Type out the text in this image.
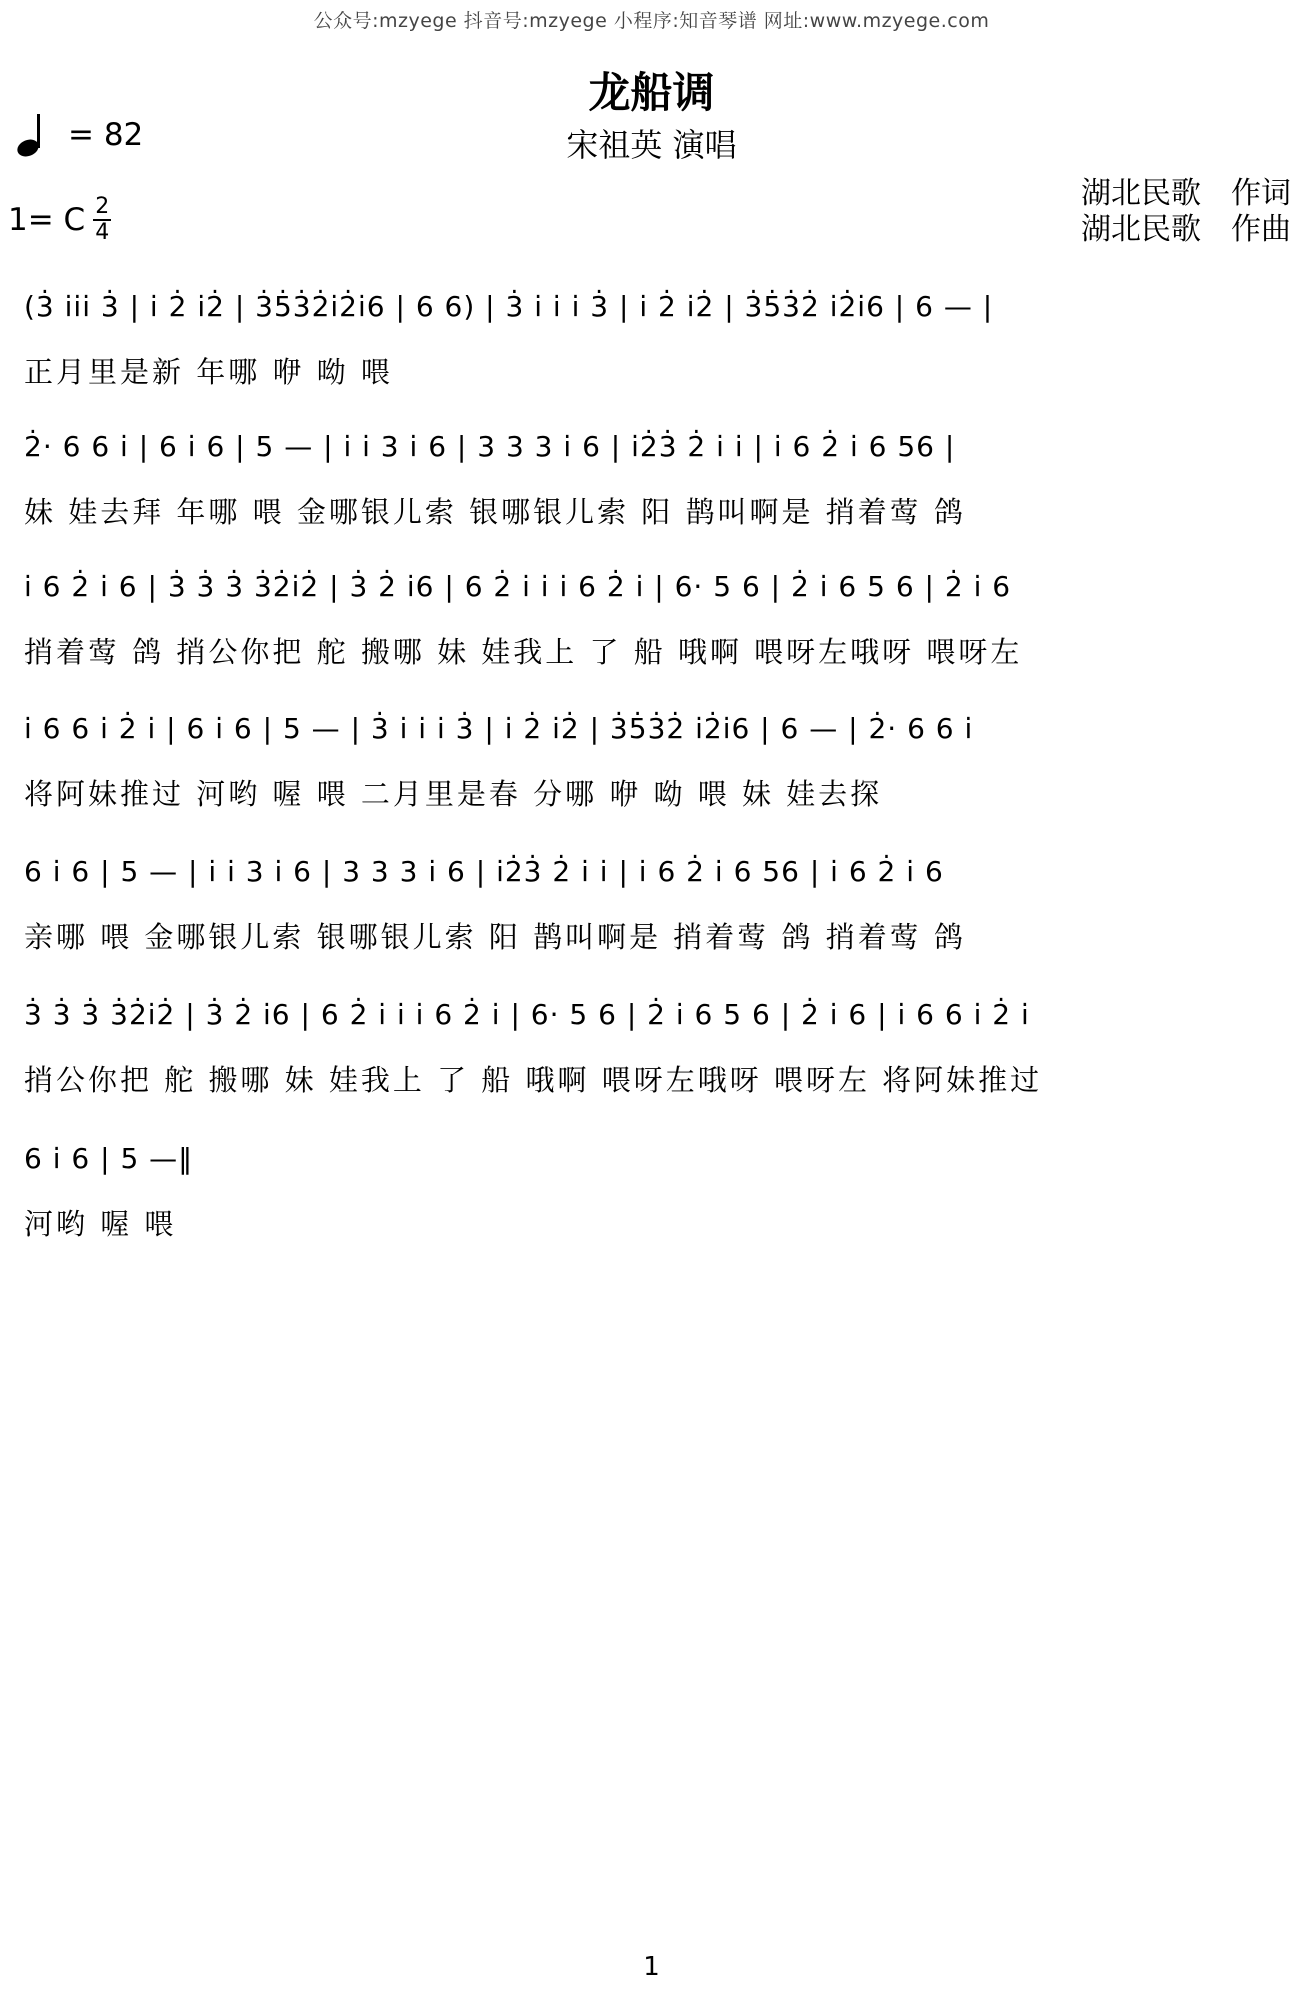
公众号:mzyege 抖音号:mzyege 小程序:知音琴谱 网址:www.mzyege.com
龙船调
宋祖英 演唱
= 82
1= C 2
4
湖北民歌 作词
湖北民歌 作曲
(3̇ i̇i̇i̇ 3̇ | i̇ 2̇ i̇2̇ | 3̇5̇3̇2̇i̇2̇i̇6 | 6 6) | 3̇ i̇ i̇ i̇ 3̇ | i̇ 2̇ i̇2̇ | 3̇5̇3̇2̇ i̇2̇i̇6 | 6 — |
正月里是新 年哪 咿 呦 喂
2̇· 6 6 i̇ | 6 i̇ 6 | 5 — | i̇ i̇ 3 i̇ 6 | 3 3 3 i̇ 6 | i̇2̇3̇ 2̇ i̇ i̇ | i̇ 6 2̇ i̇ 6 56 |
妹 娃去拜 年哪 喂 金哪银儿索 银哪银儿索 阳 鹊叫啊是 捎着莺 鸽
i̇ 6 2̇ i̇ 6 | 3̇ 3̇ 3̇ 3̇2̇i̇2̇ | 3̇ 2̇ i̇6 | 6 2̇ i̇ i̇ i̇ 6 2̇ i̇ | 6· 5 6 | 2̇ i̇ 6 5 6 | 2̇ i̇ 6
捎着莺 鸽 捎公你把 舵 搬哪 妹 娃我上 了 船 哦啊 喂呀左哦呀 喂呀左
i̇ 6 6 i̇ 2̇ i̇ | 6 i̇ 6 | 5 — | 3̇ i̇ i̇ i̇ 3̇ | i̇ 2̇ i̇2̇ | 3̇5̇3̇2̇ i̇2̇i̇6 | 6 — | 2̇· 6 6 i̇
将阿妹推过 河哟 喔 喂 二月里是春 分哪 咿 呦 喂 妹 娃去探
6 i̇ 6 | 5 — | i̇ i̇ 3 i̇ 6 | 3 3 3 i̇ 6 | i̇2̇3̇ 2̇ i̇ i̇ | i̇ 6 2̇ i̇ 6 56 | i̇ 6 2̇ i̇ 6
亲哪 喂 金哪银儿索 银哪银儿索 阳 鹊叫啊是 捎着莺 鸽 捎着莺 鸽
3̇ 3̇ 3̇ 3̇2̇i̇2̇ | 3̇ 2̇ i̇6 | 6 2̇ i̇ i̇ i̇ 6 2̇ i̇ | 6· 5 6 | 2̇ i̇ 6 5 6 | 2̇ i̇ 6 | i̇ 6 6 i̇ 2̇ i̇
捎公你把 舵 搬哪 妹 娃我上 了 船 哦啊 喂呀左哦呀 喂呀左 将阿妹推过
6 i̇ 6 | 5 —‖
河哟 喔 喂
1
